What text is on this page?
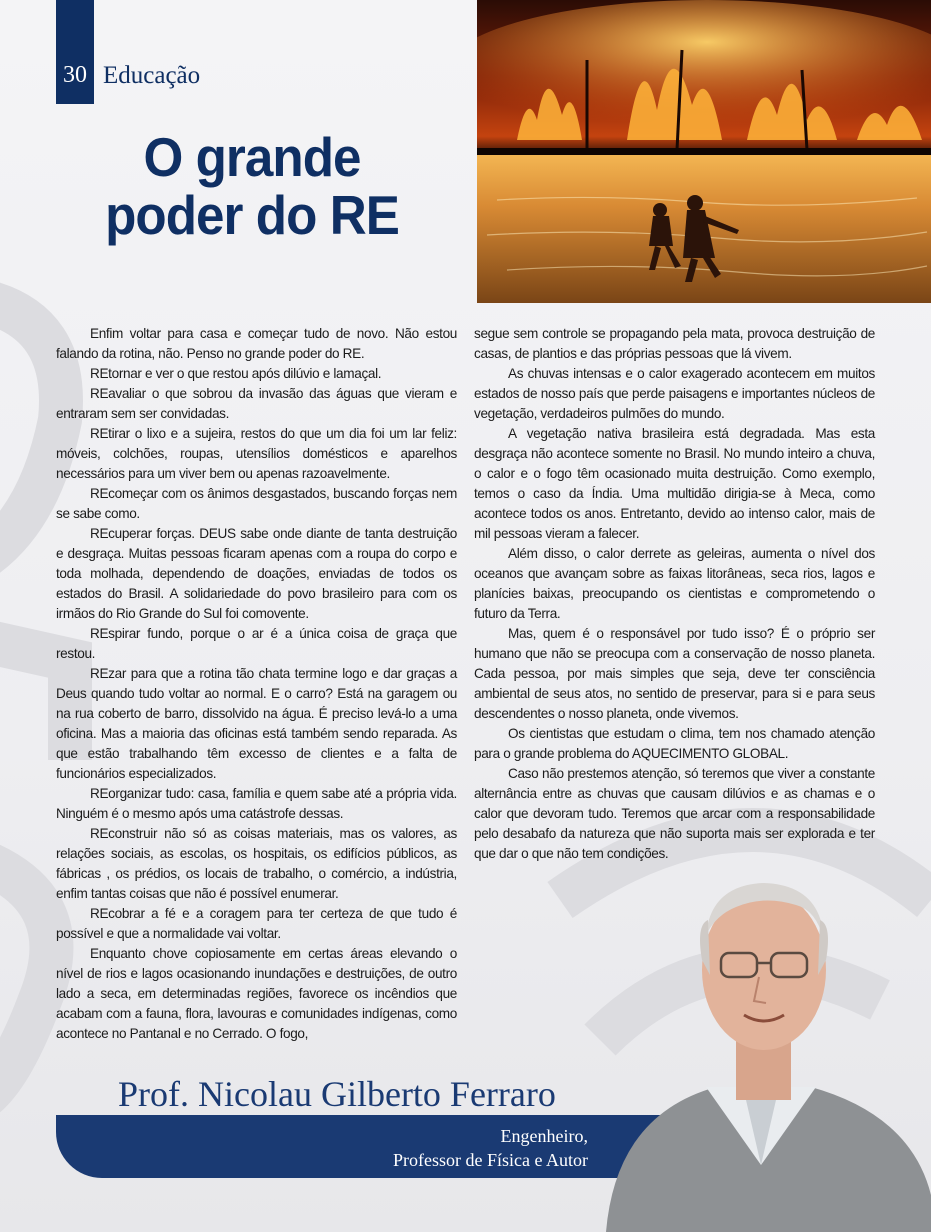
30 Educação
O grande
poder do RE

Enfim voltar para casa e começar tudo de novo. Não estou falando da rotina, não. Penso no grande poder do RE.

REtornar e ver o que restou após dilúvio e lamaçal.

REavaliar o que sobrou da invasão das águas que vieram e entraram sem ser convidadas.

REtirar o lixo e a sujeira, restos do que um dia foi um lar feliz: móveis, colchões, roupas, utensílios domésticos e aparelhos necessários para um viver bem ou apenas razoavelmente.

REcomeçar com os ânimos desgastados, buscando forças nem se sabe como.

REcuperar forças. DEUS sabe onde diante de tanta destruição e desgraça. Muitas pessoas ficaram apenas com a roupa do corpo e toda molhada, dependendo de doações, enviadas de todos os estados do Brasil. A solidariedade do povo brasileiro para com os irmãos do Rio Grande do Sul foi comovente.

REspirar fundo, porque o ar é a única coisa de graça que restou.

REzar para que a rotina tão chata termine logo e dar graças a Deus quando tudo voltar ao normal. E o carro? Está na garagem ou na rua coberto de barro, dissolvido na água. É preciso levá-lo a uma oficina. Mas a maioria das oficinas está também sendo reparada. As que estão trabalhando têm excesso de clientes e a falta de funcionários especializados.

REorganizar tudo: casa, família e quem sabe até a própria vida. Ninguém é o mesmo após uma catástrofe dessas.

REconstruir não só as coisas materiais, mas os valores, as relações sociais, as escolas, os hospitais, os edifícios públicos, as fábricas , os prédios, os locais de trabalho, o comércio, a indústria, enfim tantas coisas que não é possível enumerar.

REcobrar a fé e a coragem para ter certeza de que tudo é possível e que a normalidade vai voltar.

Enquanto chove copiosamente em certas áreas elevando o nível de rios e lagos ocasionando inundações e destruições, de outro lado a seca, em determinadas regiões, favorece os incêndios que acabam com a fauna, flora, lavouras e comunidades indígenas, como acontece no Pantanal e no Cerrado. O fogo,

segue sem controle se propagando pela mata, provoca destruição de casas, de plantios e das próprias pessoas que lá vivem.

As chuvas intensas e o calor exagerado acontecem em muitos estados de nosso país que perde paisagens e importantes núcleos de vegetação, verdadeiros pulmões do mundo.

A vegetação nativa brasileira está degradada. Mas esta desgraça não acontece somente no Brasil. No mundo inteiro a chuva, o calor e o fogo têm ocasionado muita destruição. Como exemplo, temos o caso da Índia. Uma multidão dirigia-se à Meca, como acontece todos os anos. Entretanto, devido ao intenso calor, mais de mil pessoas vieram a falecer.

Além disso, o calor derrete as geleiras, aumenta o nível dos oceanos que avançam sobre as faixas litorâneas, seca rios, lagos e planícies baixas, preocupando os cientistas e comprometendo o futuro da Terra.

Mas, quem é o responsável por tudo isso? É o próprio ser humano que não se preocupa com a conservação de nosso planeta. Cada pessoa, por mais simples que seja, deve ter consciência ambiental de seus atos, no sentido de preservar, para si e para seus descendentes o nosso planeta, onde vivemos.

Os cientistas que estudam o clima, tem nos chamado atenção para o grande problema do AQUECIMENTO GLOBAL.

Caso não prestemos atenção, só teremos que viver a constante alternância entre as chuvas que causam dilúvios e as chamas e o calor que devoram tudo. Teremos que arcar com a responsabilidade pelo desabafo da natureza que não suporta mais ser explorada e ter que dar o que não tem condições.

Prof. Nicolau Gilberto Ferraro
Engenheiro,
Professor de Física e Autor
